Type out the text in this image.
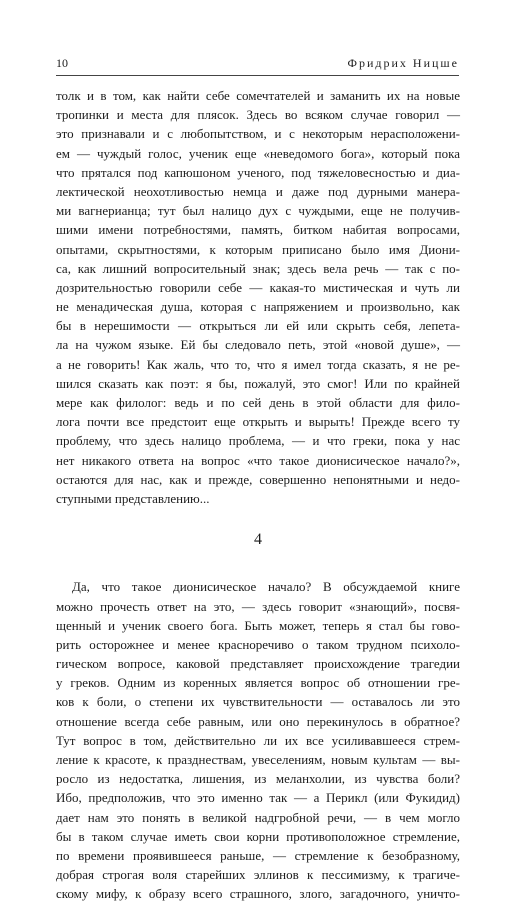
10	Фридрих Ницше
толк и в том, как найти себе сомечтателей и заманить их на новые
тропинки и места для плясок. Здесь во всяком случае говорил —
это признавали и с любопытством, и с некоторым нерасположени-
ем — чуждый голос, ученик еще «неведомого бога», который пока
что прятался под капюшоном ученого, под тяжеловесностью и диа-
лектической неохотливостью немца и даже под дурными манера-
ми вагнерианца; тут был налицо дух с чуждыми, еще не получив-
шими имени потребностями, память, битком набитая вопросами,
опытами, скрытностями, к которым приписано было имя Диони-
са, как лишний вопросительный знак; здесь вела речь — так с по-
дозрительностью говорили себе — какая-то мистическая и чуть ли
не менадическая душа, которая с напряжением и произвольно, как
бы в нерешимости — открыться ли ей или скрыть себя, лепета-
ла на чужом языке. Ей бы следовало петь, этой «новой душе», —
а не говорить! Как жаль, что то, что я имел тогда сказать, я не ре-
шился сказать как поэт: я бы, пожалуй, это смог! Или по крайней
мере как филолог: ведь и по сей день в этой области для фило-
лога почти все предстоит еще открыть и вырыть! Прежде всего ту
проблему, что здесь налицо проблема, — и что греки, пока у нас
нет никакого ответа на вопрос «что такое дионисическое начало?»,
остаются для нас, как и прежде, совершенно непонятными и недо-
ступными представлению...
4
Да, что такое дионисическое начало? В обсуждаемой книге
можно прочесть ответ на это, — здесь говорит «знающий», посвя-
щенный и ученик своего бога. Быть может, теперь я стал бы гово-
рить осторожнее и менее красноречиво о таком трудном психоло-
гическом вопросе, каковой представляет происхождение трагедии
у греков. Одним из коренных является вопрос об отношении гре-
ков к боли, о степени их чувствительности — оставалось ли это
отношение всегда себе равным, или оно перекинулось в обратное?
Тут вопрос в том, действительно ли их все усиливавшееся стрем-
ление к красоте, к празднествам, увеселениям, новым культам — вы-
росло из недостатка, лишения, из меланхолии, из чувства боли?
Ибо, предположив, что это именно так — а Перикл (или Фукидид)
дает нам это понять в великой надгробной речи, — в чем могло
бы в таком случае иметь свои корни противоположное стремление,
по времени проявившееся раньше, — стремление к безобразному,
добрая строгая воля старейших эллинов к пессимизму, к трагиче-
скому мифу, к образу всего страшного, злого, загадочного, уничто-
